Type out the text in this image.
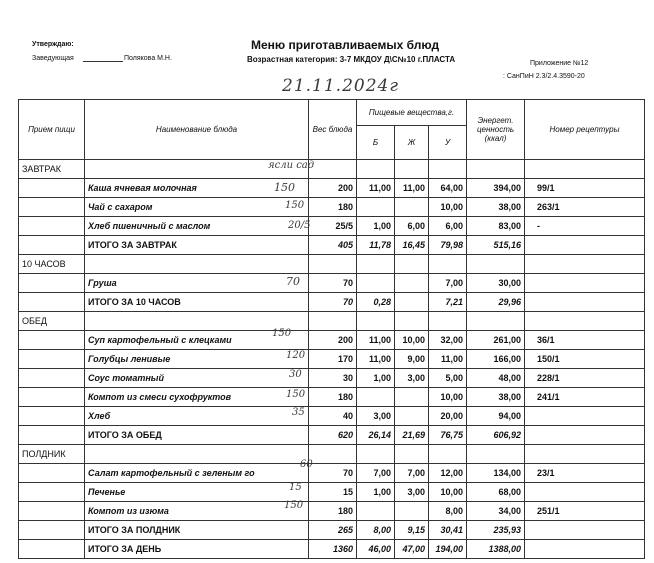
Утверждаю:
Заведующая	Полякова М.Н.
Меню приготавливаемых блюд
Возрастная категория: 3-7 МКДОУ Д\С№10 г.ПЛАСТА	Приложение №12
: СанПиН 2.3/2.4.3590-20
21.11.2024г
Прием пищи	Наименование блюда	Вес блюда	Пищевые вещества,г.			Энергет. ценность (ккал)	Номер рецептуры
			Б	Ж	У		
ЗАВТРАК							
	Каша ячневая молочная	200	11,00	11,00	64,00	394,00	99/1
	Чай с сахаром	180			10,00	38,00	263/1
	Хлеб пшеничный с маслом	25/5	1,00	6,00	6,00	83,00	-
	ИТОГО ЗА ЗАВТРАК	405	11,78	16,45	79,98	515,16	
10 ЧАСОВ							
	Груша	70			7,00	30,00	
	ИТОГО ЗА 10 ЧАСОВ	70	0,28		7,21	29,96	
ОБЕД							
	Суп картофельный с клецками	200	11,00	10,00	32,00	261,00	36/1
	Голубцы ленивые	170	11,00	9,00	11,00	166,00	150/1
	Соус томатный	30	1,00	3,00	5,00	48,00	228/1
	Компот из смеси сухофруктов	180			10,00	38,00	241/1
	Хлеб	40	3,00		20,00	94,00	
	ИТОГО ЗА ОБЕД	620	26,14	21,69	76,75	606,92	
ПОЛДНИК							
	Салат картофельный с зеленым го	70	7,00	7,00	12,00	134,00	23/1
	Печенье	15	1,00	3,00	10,00	68,00	
	Компот из изюма	180			8,00	34,00	251/1
	ИТОГО ЗА ПОЛДНИК	265	8,00	9,15	30,41	235,93	
	ИТОГО ЗА ДЕНЬ	1360	46,00	47,00	194,00	1388,00	
ясли сад
150
150
20/5
70
150
120
30
150
35
60
15
150
